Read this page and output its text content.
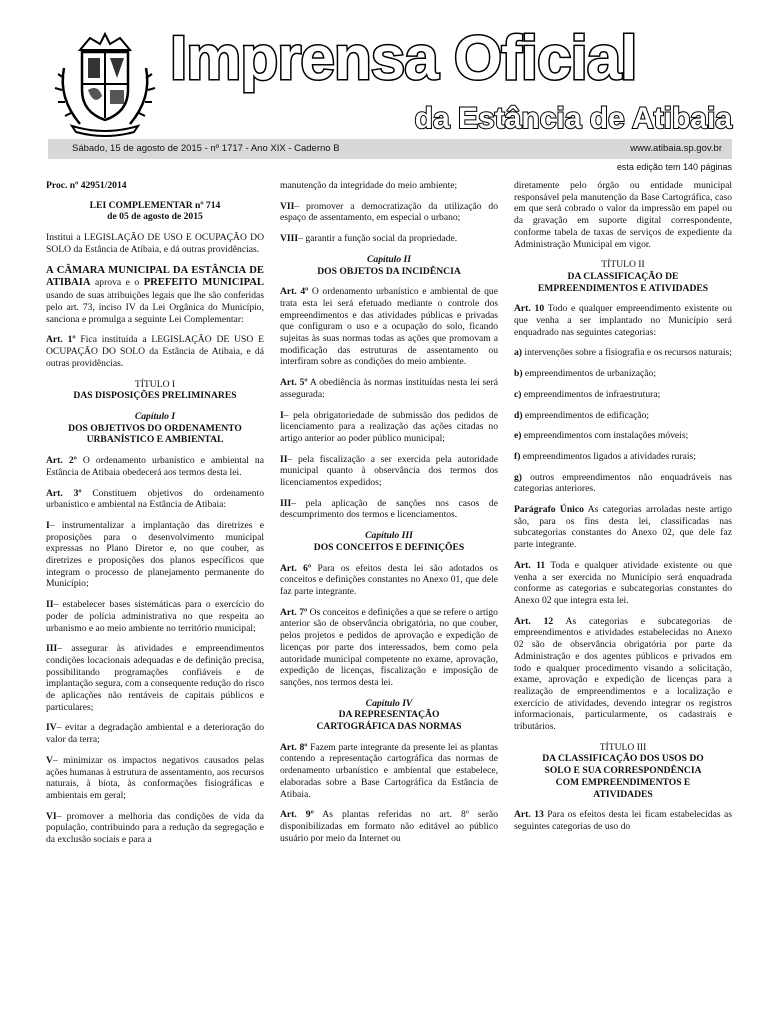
Imprensa Oficial
da Estância de Atibaia
Sábado, 15 de agosto de 2015 - nº 1717 - Ano XIX - Caderno B	www.atibaia.sp.gov.br
esta edição tem 140 páginas

Proc. nº 42951/2014

LEI COMPLEMENTAR nº 714

de 05 de agosto de 2015

Institui a LEGISLAÇÃO DE USO E OCUPAÇÃO DO SOLO da Estância de Atibaia, e dá outras providências.

A CÂMARA MUNICIPAL DA ESTÂNCIA DE ATIBAIA aprova e o PREFEITO MUNICIPAL usando de suas atribuições legais que lhe são conferidas pelo art. 73, inciso IV da Lei Orgânica do Município, sanciona e promulga a seguinte Lei Complementar:

Art. 1º Fica instituída a LEGISLAÇÃO DE USO E OCUPAÇÃO DO SOLO da Estância de Atibaia, e dá outras providências.

TÍTULO I

DAS DISPOSIÇÕES PRELIMINARES

Capítulo I

DOS OBJETIVOS DO ORDENAMENTO

URBANÍSTICO E AMBIENTAL

Art. 2º O ordenamento urbanístico e ambiental na Estância de Atibaia obedecerá aos termos desta lei.

Art. 3º Constituem objetivos do ordenamento urbanístico e ambiental na Estância de Atibaia:

I– instrumentalizar a implantação das diretrizes e proposições para o desenvolvimento municipal expressas no Plano Diretor e, no que couber, as diretrizes e proposições dos planos específicos que integram o processo de planejamento permanente do Município;

II– estabelecer bases sistemáticas para o exercício do poder de polícia administrativa no que respeita ao urbanismo e ao meio ambiente no território municipal;

III– assegurar às atividades e empreendimentos condições locacionais adequadas e de definição precisa, possibilitando programações confiáveis e de implantação segura, com a consequente redução do risco de aplicações não rentáveis de capitais públicos e particulares;

IV– evitar a degradação ambiental e a deterioração do valor da terra;

V– minimizar os impactos negativos causados pelas ações humanas à estrutura de assentamento, aos recursos naturais, à biota, às conformações fisiográficas e ambientais em geral;

VI– promover a melhoria das condições de vida da população, contribuindo para a redução da segregação e da exclusão sociais e para a

manutenção da integridade do meio ambiente;

VII– promover a democratização da utilização do espaço de assentamento, em especial o urbano;

VIII– garantir a função social da propriedade.

Capítulo II

DOS OBJETOS DA INCIDÊNCIA

Art. 4º O ordenamento urbanístico e ambiental de que trata esta lei será efetuado mediante o controle dos empreendimentos e das atividades públicas e privadas que configuram o uso e a ocupação do solo, ficando sujeitas às suas normas todas as ações que promovam a modificação das estruturas de assentamento ou interfiram sobre as condições do meio ambiente.

Art. 5º A obediência às normas instituídas nesta lei será assegurada:

I– pela obrigatoriedade de submissão dos pedidos de licenciamento para a realização das ações citadas no artigo anterior ao poder público municipal;

II– pela fiscalização a ser exercida pela autoridade municipal quanto à observância dos termos dos licenciamentos expedidos;

III– pela aplicação de sanções nos casos de descumprimento dos termos e licenciamentos.

Capítulo III

DOS CONCEITOS E DEFINIÇÕES

Art. 6º Para os efeitos desta lei são adotados os conceitos e definições constantes no Anexo 01, que dele faz parte integrante.

Art. 7º Os conceitos e definições a que se refere o artigo anterior são de observância obrigatória, no que couber, pelos projetos e pedidos de aprovação e expedição de licenças por parte dos interessados, bem como pela autoridade municipal competente no exame, aprovação, expedição de licenças, fiscalização e imposição de sanções, nos termos desta lei.

Capítulo IV

DA REPRESENTAÇÃO

CARTOGRÁFICA DAS NORMAS

Art. 8º Fazem parte integrante da presente lei as plantas contendo a representação cartográfica das normas de ordenamento urbanístico e ambiental que estabelece, elaboradas sobre a Base Cartográfica da Estância de Atibaia.

Art. 9º As plantas referidas no art. 8º serão disponibilizadas em formato não editável ao público usuário por meio da Internet ou

diretamente pelo órgão ou entidade municipal responsável pela manutenção da Base Cartográfica, caso em que será cobrado o valor da impressão em papel ou da gravação em suporte digital correspondente, conforme tabela de taxas de serviços de expediente da Administração Municipal em vigor.

TÍTULO II

DA CLASSIFICAÇÃO DE

EMPREENDIMENTOS E ATIVIDADES

Art. 10 Todo e qualquer empreendimento existente ou que venha a ser implantado no Município será enquadrado nas seguintes categorias:

a) intervenções sobre a fisiografia e os recursos naturais;

b) empreendimentos de urbanização;

c) empreendimentos de infraestrutura;

d) empreendimentos de edificação;

e) empreendimentos com instalações móveis;

f) empreendimentos ligados a atividades rurais;

g) outros empreendimentos não enquadráveis nas categorias anteriores.

Parágrafo Único As categorias arroladas neste artigo são, para os fins desta lei, classificadas nas subcategorias constantes do Anexo 02, que dele faz parte integrante.

Art. 11 Toda e qualquer atividade existente ou que venha a ser exercida no Município será enquadrada conforme as categorias e subcategorias constantes do Anexo 02 que integra esta lei.

Art. 12 As categorias e subcategorias de empreendimentos e atividades estabelecidas no Anexo 02 são de observância obrigatória por parte da Administração e dos agentes públicos e privados em todo e qualquer procedimento visando a solicitação, exame, aprovação e expedição de licenças para a realização de empreendimentos e a localização e exercício de atividades, devendo integrar os registros informacionais, particularmente, os cadastrais e tributários.

TÍTULO III

DA CLASSIFICAÇÃO DOS USOS DO

SOLO E SUA CORRESPONDÊNCIA

COM EMPREENDIMENTOS E

ATIVIDADES

Art. 13 Para os efeitos desta lei ficam estabelecidas as seguintes categorias de uso do
